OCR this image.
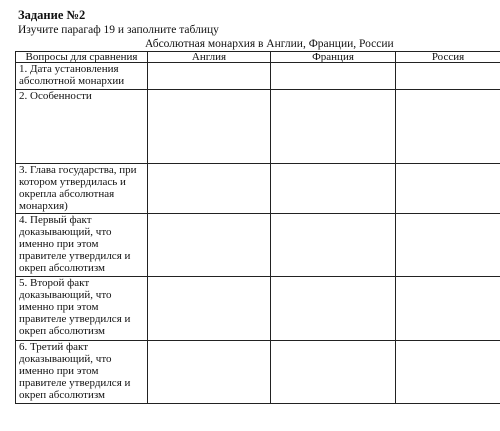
Задание №2
Изучите парагаф 19 и заполните таблицу
Абсолютная монархия в Англии, Франции, России
Вопросы для сравнения	Англия	Франция	Россия
1. Дата установления абсолютной монархии			
2. Особенности			
3. Глава государства, при котором утвердилась и окрепла абсолютная монархия)			
4. Первый факт доказывающий, что именно при этом правителе утвердился и окреп абсолютизм			
5. Второй факт доказывающий, что именно при этом правителе утвердился и окреп абсолютизм			
6. Третий факт доказывающий, что именно при этом правителе утвердился и окреп абсолютизм			
